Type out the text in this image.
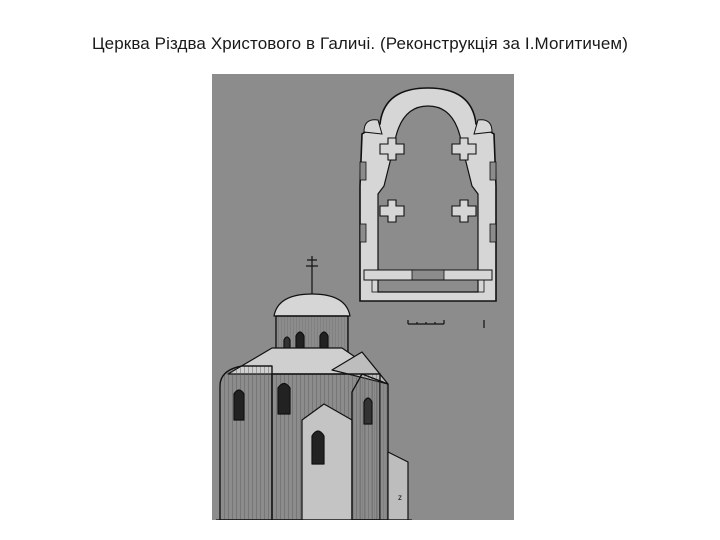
Церква Різдва Христового в Галичі. (Реконструкція за І.Могитичем)
z
